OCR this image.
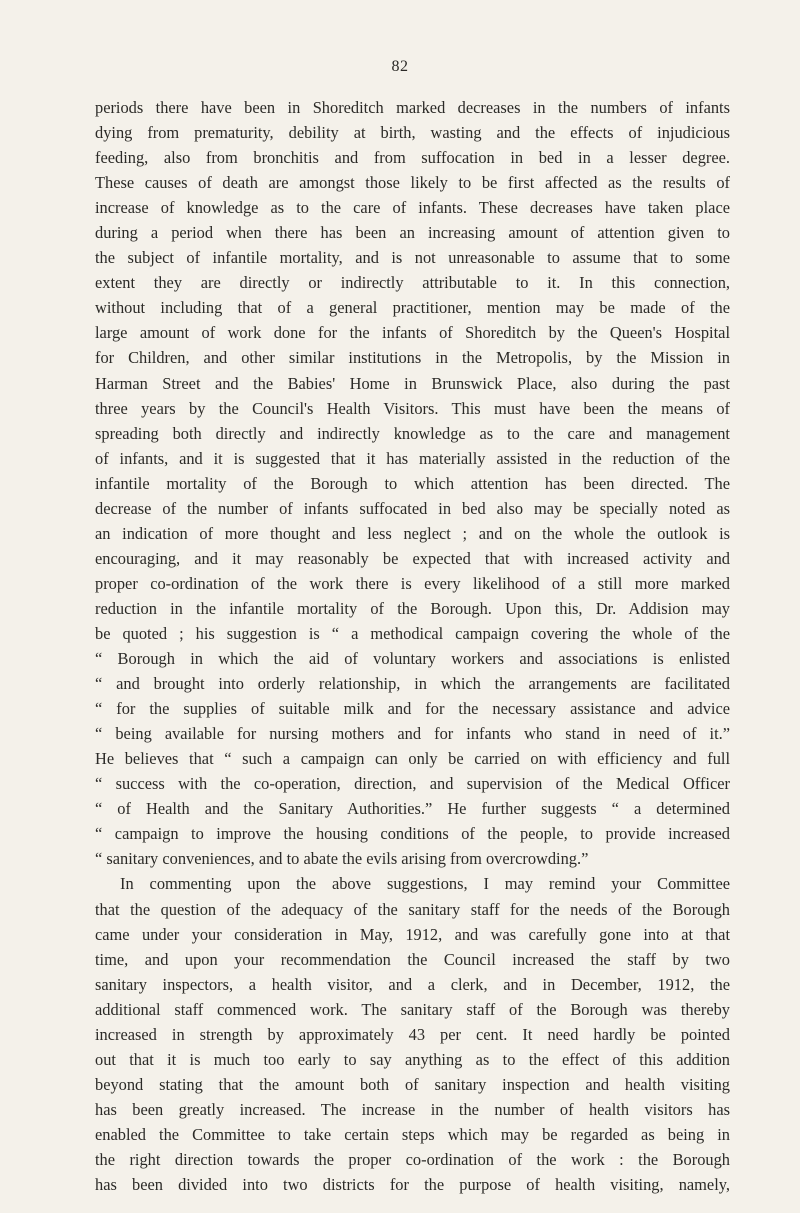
82
periods there have been in Shoreditch marked decreases in the numbers of infants
dying from prematurity, debility at birth, wasting and the effects of injudicious
feeding, also from bronchitis and from suffocation in bed in a lesser degree.
These causes of death are amongst those likely to be first affected as the results of
increase of knowledge as to the care of infants. These decreases have taken place
during a period when there has been an increasing amount of attention given to
the subject of infantile mortality, and is not unreasonable to assume that to some
extent they are directly or indirectly attributable to it. In this connection,
without including that of a general practitioner, mention may be made of the
large amount of work done for the infants of Shoreditch by the Queen's Hospital
for Children, and other similar institutions in the Metropolis, by the Mission in
Harman Street and the Babies' Home in Brunswick Place, also during the past
three years by the Council's Health Visitors. This must have been the means of
spreading both directly and indirectly knowledge as to the care and management
of infants, and it is suggested that it has materially assisted in the reduction of the
infantile mortality of the Borough to which attention has been directed. The
decrease of the number of infants suffocated in bed also may be specially noted as
an indication of more thought and less neglect ; and on the whole the outlook is
encouraging, and it may reasonably be expected that with increased activity and
proper co-ordination of the work there is every likelihood of a still more marked
reduction in the infantile mortality of the Borough. Upon this, Dr. Addision may
be quoted ; his suggestion is “ a methodical campaign covering the whole of the
“ Borough in which the aid of voluntary workers and associations is enlisted
“ and brought into orderly relationship, in which the arrangements are facilitated
“ for the supplies of suitable milk and for the necessary assistance and advice
“ being available for nursing mothers and for infants who stand in need of it.”
He believes that “ such a campaign can only be carried on with efficiency and full
“ success with the co-operation, direction, and supervision of the Medical Officer
“ of Health and the Sanitary Authorities.” He further suggests “ a determined
“ campaign to improve the housing conditions of the people, to provide increased
“ sanitary conveniences, and to abate the evils arising from overcrowding.”
In commenting upon the above suggestions, I may remind your Committee
that the question of the adequacy of the sanitary staff for the needs of the Borough
came under your consideration in May, 1912, and was carefully gone into at that
time, and upon your recommendation the Council increased the staff by two
sanitary inspectors, a health visitor, and a clerk, and in December, 1912, the
additional staff commenced work. The sanitary staff of the Borough was thereby
increased in strength by approximately 43 per cent. It need hardly be pointed
out that it is much too early to say anything as to the effect of this addition
beyond stating that the amount both of sanitary inspection and health visiting
has been greatly increased. The increase in the number of health visitors has
enabled the Committee to take certain steps which may be regarded as being in
the right direction towards the proper co-ordination of the work : the Borough
has been divided into two districts for the purpose of health visiting, namely,
